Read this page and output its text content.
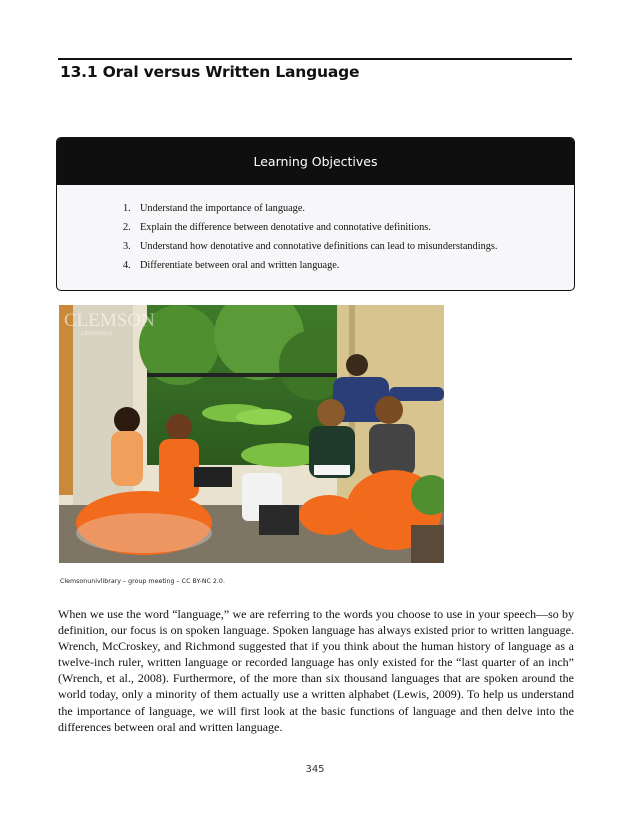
13.1 Oral versus Written Language
Learning Objectives
1. Understand the importance of language.
2. Explain the difference between denotative and connotative definitions.
3. Understand how denotative and connotative definitions can lead to misunderstandings.
4. Differentiate between oral and written language.
CLEMSON
LIBRARIES
Clemsonunivlibrary – group meeting – CC BY-NC 2.0.

When we use the word “language,” we are referring to the words you choose to use in your speech—so by definition, our focus is on spoken language. Spoken language has always existed prior to written language. Wrench, McCroskey, and Richmond suggested that if you think about the human history of language as a twelve-inch ruler, written language or recorded language has only existed for the “last quarter of an inch” (Wrench, et al., 2008). Furthermore, of the more than six thousand languages that are spoken around the world today, only a minority of them actually use a written alphabet (Lewis, 2009). To help us understand the importance of language, we will first look at the basic functions of language and then delve into the differences between oral and written language.

345
